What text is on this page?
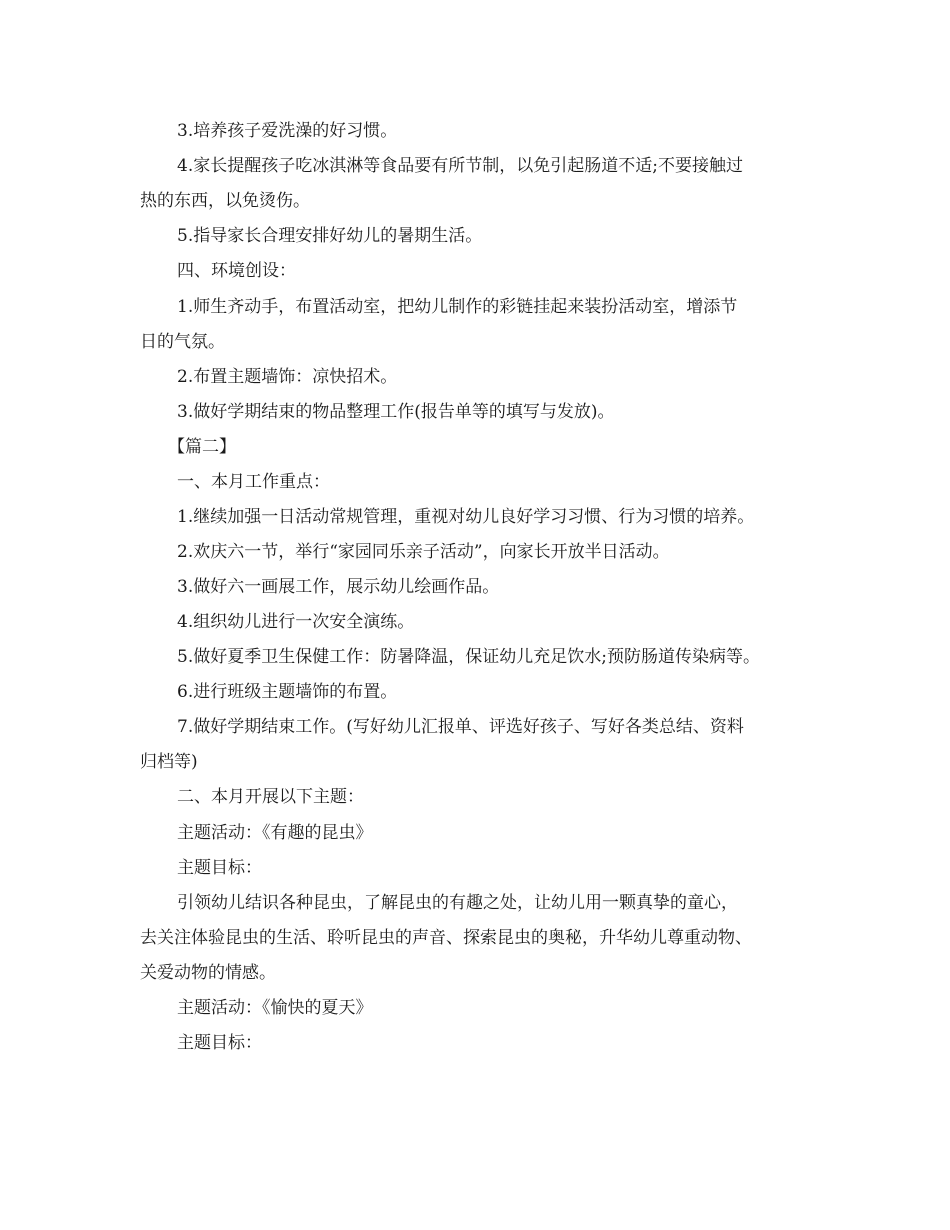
3.培养孩子爱洗澡的好习惯。
4.家长提醒孩子吃冰淇淋等食品要有所节制，以免引起肠道不适;不要接触过
热的东西，以免烫伤。
5.指导家长合理安排好幼儿的暑期生活。
四、环境创设：
1.师生齐动手，布置活动室，把幼儿制作的彩链挂起来装扮活动室，增添节
日的气氛。
2.布置主题墙饰：凉快招术。
3.做好学期结束的物品整理工作(报告单等的填写与发放)。
【篇二】
一、本月工作重点：
1.继续加强一日活动常规管理，重视对幼儿良好学习习惯、行为习惯的培养。
2.欢庆六一节，举行“家园同乐亲子活动”，向家长开放半日活动。
3.做好六一画展工作，展示幼儿绘画作品。
4.组织幼儿进行一次安全演练。
5.做好夏季卫生保健工作：防暑降温，保证幼儿充足饮水;预防肠道传染病等。
6.进行班级主题墙饰的布置。
7.做好学期结束工作。(写好幼儿汇报单、评选好孩子、写好各类总结、资料
归档等)
二、本月开展以下主题：
主题活动：《有趣的昆虫》
主题目标：
引领幼儿结识各种昆虫，了解昆虫的有趣之处，让幼儿用一颗真挚的童心，
去关注体验昆虫的生活、聆听昆虫的声音、探索昆虫的奥秘，升华幼儿尊重动物、
关爱动物的情感。
主题活动：《愉快的夏天》
主题目标：
